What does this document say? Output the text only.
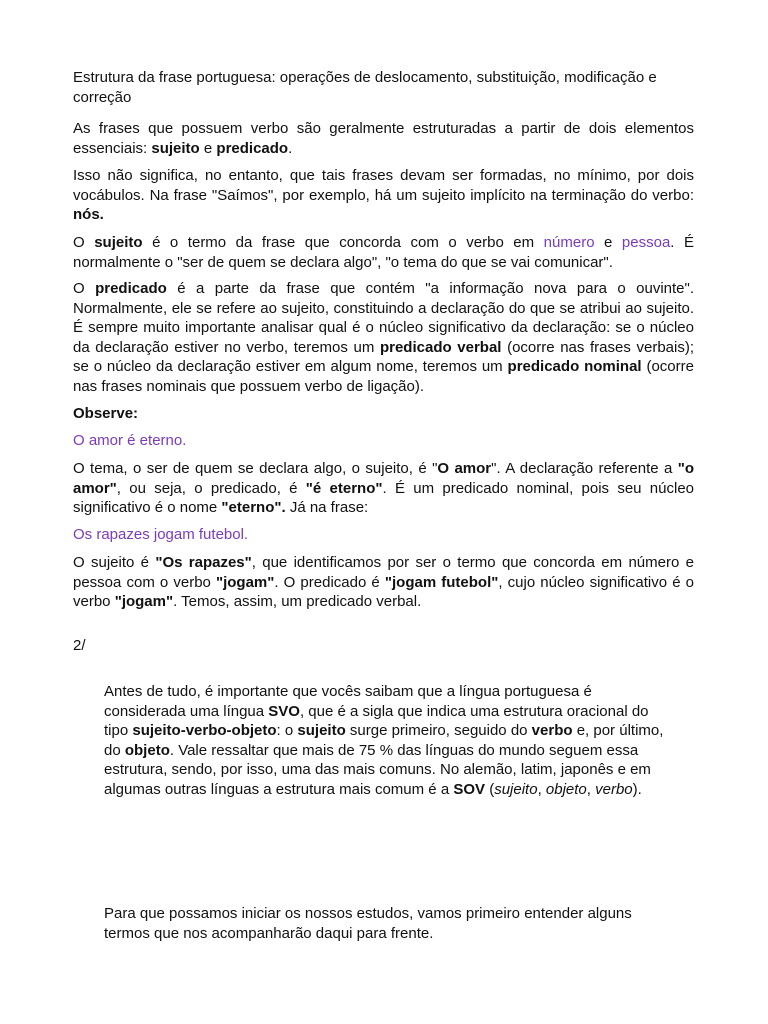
Estrutura da frase portuguesa: operações de deslocamento, substituição, modificação e correção

As frases que possuem verbo são geralmente estruturadas a partir de dois elementos essenciais: sujeito e predicado.

Isso não significa, no entanto, que tais frases devam ser formadas, no mínimo, por dois vocábulos. Na frase "Saímos", por exemplo, há um sujeito implícito na terminação do verbo: nós.

O sujeito é o termo da frase que concorda com o verbo em número e pessoa. É normalmente o "ser de quem se declara algo", "o tema do que se vai comunicar".

O predicado é a parte da frase que contém "a informação nova para o ouvinte". Normalmente, ele se refere ao sujeito, constituindo a declaração do que se atribui ao sujeito. É sempre muito importante analisar qual é o núcleo significativo da declaração: se o núcleo da declaração estiver no verbo, teremos um predicado verbal (ocorre nas frases verbais); se o núcleo da declaração estiver em algum nome, teremos um predicado nominal (ocorre nas frases nominais que possuem verbo de ligação).

Observe:

O amor é eterno.

O tema, o ser de quem se declara algo, o sujeito, é "O amor". A declaração referente a "o amor", ou seja, o predicado, é "é eterno". É um predicado nominal, pois seu núcleo significativo é o nome "eterno". Já na frase:

Os rapazes jogam futebol.

O sujeito é "Os rapazes", que identificamos por ser o termo que concorda em número e pessoa com o verbo "jogam". O predicado é "jogam futebol", cujo núcleo significativo é o verbo "jogam". Temos, assim, um predicado verbal.

2/

Antes de tudo, é importante que vocês saibam que a língua portuguesa é considerada uma língua SVO, que é a sigla que indica uma estrutura oracional do tipo sujeito-verbo-objeto: o sujeito surge primeiro, seguido do verbo e, por último, do objeto. Vale ressaltar que mais de 75 % das línguas do mundo seguem essa estrutura, sendo, por isso, uma das mais comuns. No alemão, latim, japonês e em algumas outras línguas a estrutura mais comum é a SOV (sujeito, objeto, verbo).

Para que possamos iniciar os nossos estudos, vamos primeiro entender alguns termos que nos acompanharão daqui para frente.
